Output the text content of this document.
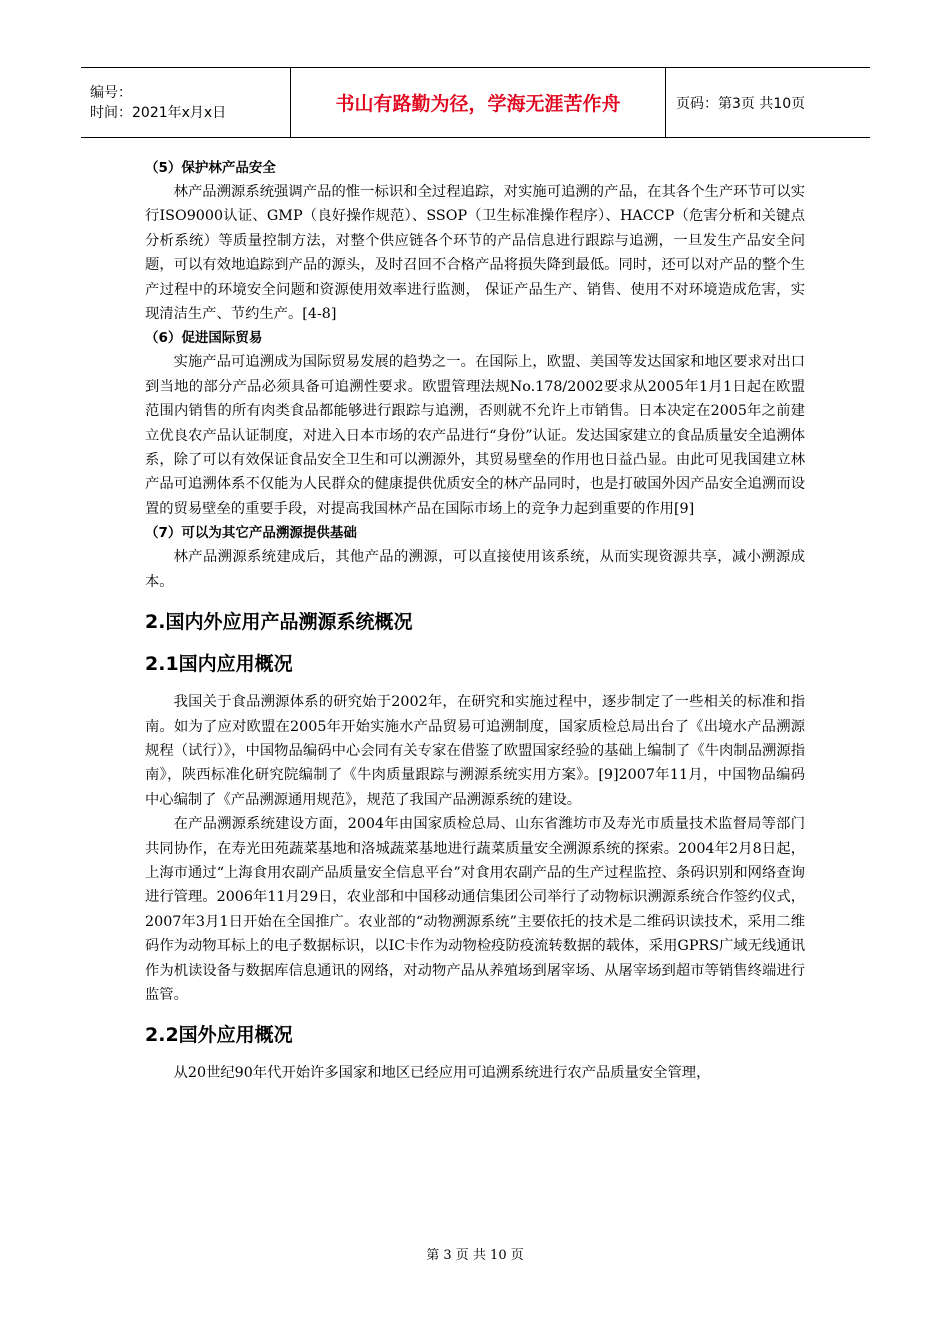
编号：
时间：2021年x月x日	书山有路勤为径，学海无涯苦作舟	页码：第3页 共10页
（5）保护林产品安全

林产品溯源系统强调产品的惟一标识和全过程追踪，对实施可追溯的产品，在其各个生产环节可以实行ISO9000认证、GMP（良好操作规范）、SSOP（卫生标准操作程序）、HACCP（危害分析和关键点分析系统）等质量控制方法，对整个供应链各个环节的产品信息进行跟踪与追溯，一旦发生产品安全问题，可以有效地追踪到产品的源头，及时召回不合格产品将损失降到最低。同时，还可以对产品的整个生产过程中的环境安全问题和资源使用效率进行监测， 保证产品生产、销售、使用不对环境造成危害，实现清洁生产、节约生产。[4-8]

（6）促进国际贸易

实施产品可追溯成为国际贸易发展的趋势之一。在国际上，欧盟、美国等发达国家和地区要求对出口到当地的部分产品必须具备可追溯性要求。欧盟管理法规No.178/2002要求从2005年1月1日起在欧盟范围内销售的所有肉类食品都能够进行跟踪与追溯，否则就不允许上市销售。日本决定在2005年之前建立优良农产品认证制度，对进入日本市场的农产品进行“身份”认证。发达国家建立的食品质量安全追溯体系，除了可以有效保证食品安全卫生和可以溯源外，其贸易壁垒的作用也日益凸显。由此可见我国建立林产品可追溯体系不仅能为人民群众的健康提供优质安全的林产品同时，也是打破国外因产品安全追溯而设置的贸易壁垒的重要手段，对提高我国林产品在国际市场上的竞争力起到重要的作用[9]

（7）可以为其它产品溯源提供基础

林产品溯源系统建成后，其他产品的溯源，可以直接使用该系统，从而实现资源共享，减小溯源成本。

2.国内外应用产品溯源系统概况
2.1国内应用概况

我国关于食品溯源体系的研究始于2002年，在研究和实施过程中，逐步制定了一些相关的标准和指南。如为了应对欧盟在2005年开始实施水产品贸易可追溯制度，国家质检总局出台了《出境水产品溯源规程（试行）》，中国物品编码中心会同有关专家在借鉴了欧盟国家经验的基础上编制了《牛肉制品溯源指南》，陕西标准化研究院编制了《牛肉质量跟踪与溯源系统实用方案》。[9]2007年11月，中国物品编码中心编制了《产品溯源通用规范》，规范了我国产品溯源系统的建设。

在产品溯源系统建设方面，2004年由国家质检总局、山东省潍坊市及寿光市质量技术监督局等部门共同协作，在寿光田苑蔬菜基地和洛城蔬菜基地进行蔬菜质量安全溯源系统的探索。2004年2月8日起，上海市通过“上海食用农副产品质量安全信息平台”对食用农副产品的生产过程监控、条码识别和网络查询进行管理。2006年11月29日，农业部和中国移动通信集团公司举行了动物标识溯源系统合作签约仪式，2007年3月1日开始在全国推广。农业部的“动物溯源系统”主要依托的技术是二维码识读技术，采用二维码作为动物耳标上的电子数据标识，以IC卡作为动物检疫防疫流转数据的载体，采用GPRS广域无线通讯作为机读设备与数据库信息通讯的网络，对动物产品从养殖场到屠宰场、从屠宰场到超市等销售终端进行监管。

2.2国外应用概况

从20世纪90年代开始许多国家和地区已经应用可追溯系统进行农产品质量安全管理，

第 3 页 共 10 页
